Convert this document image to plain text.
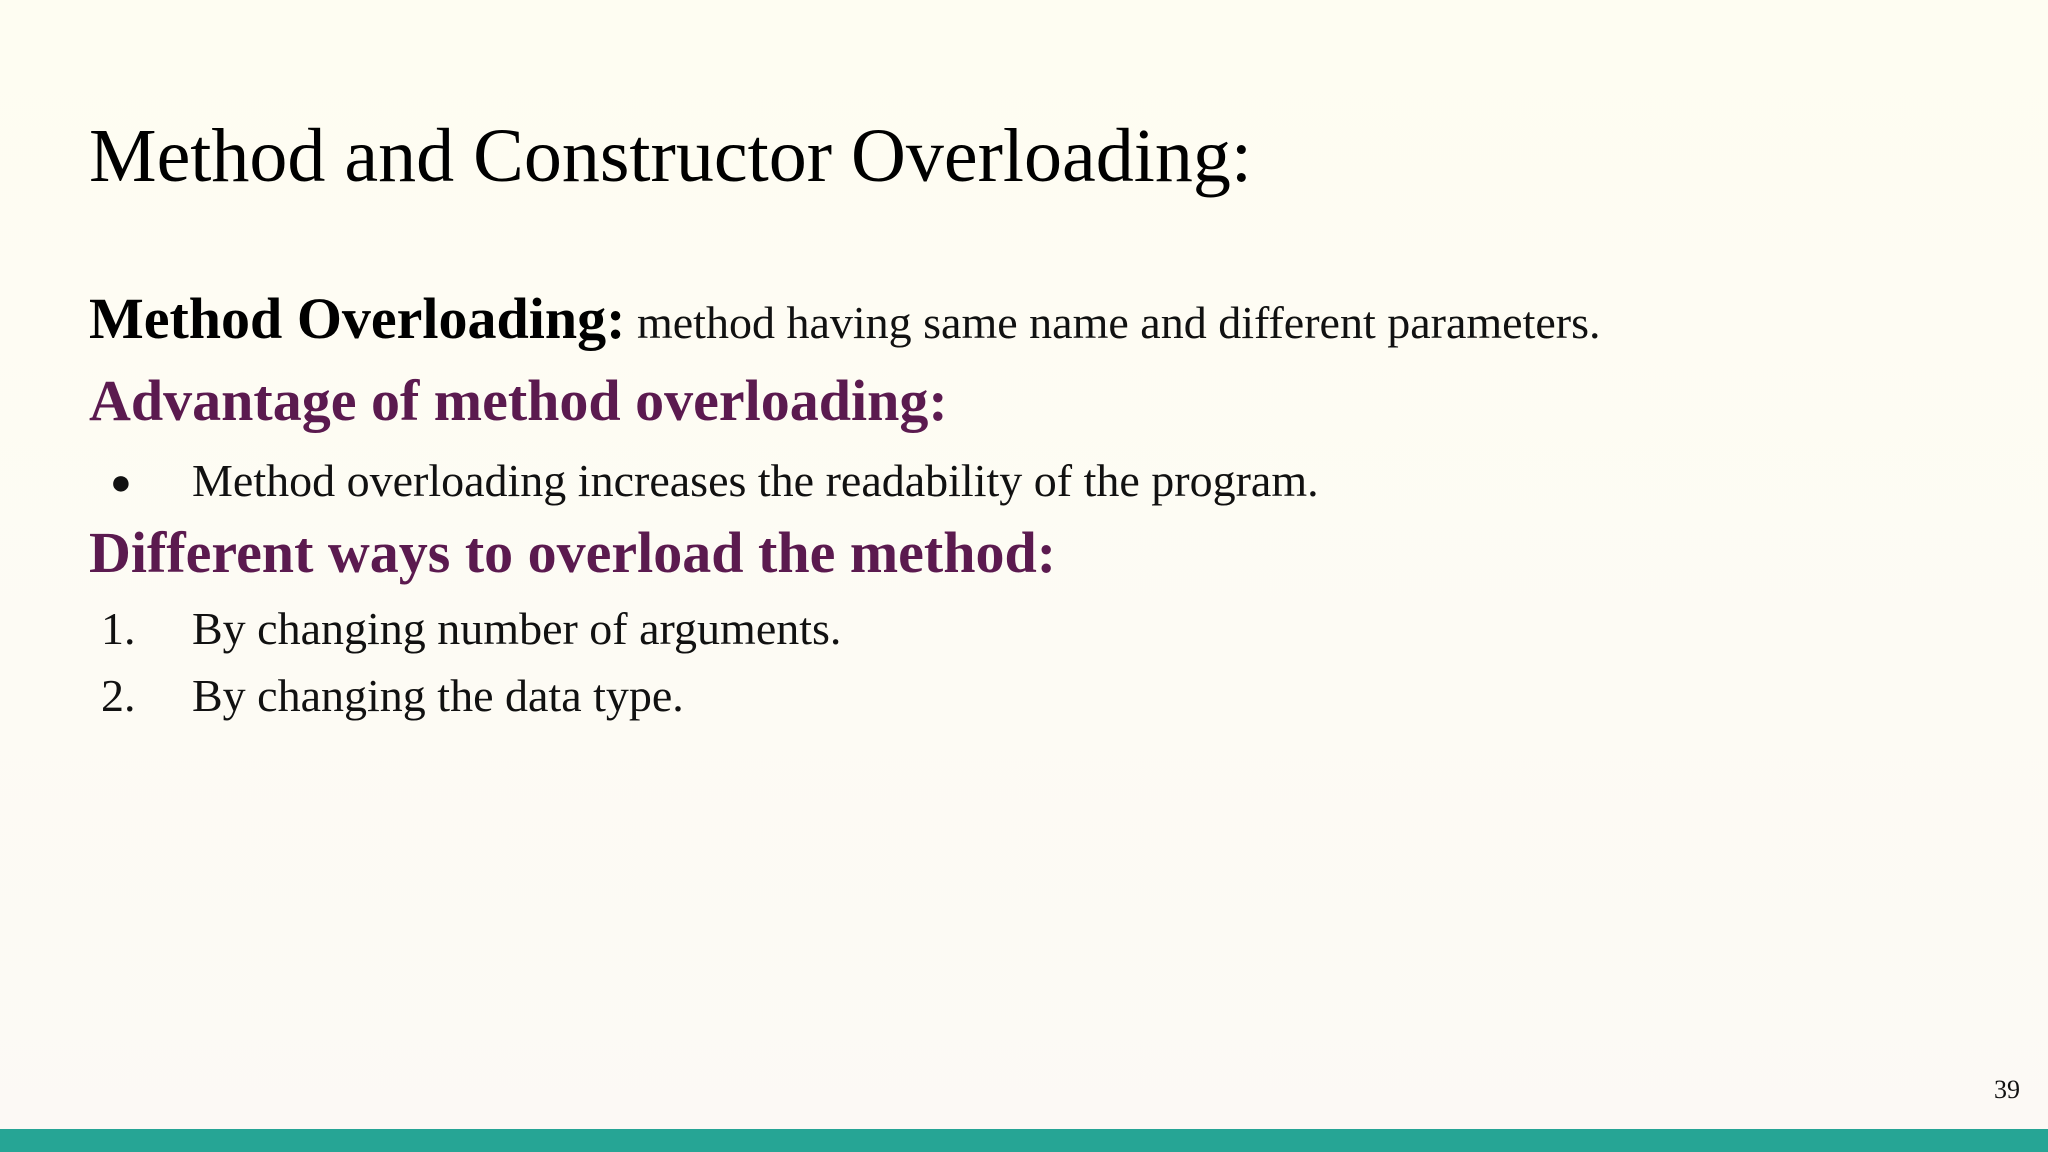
Method and Constructor Overloading:
Method Overloading: method having same name and different parameters.
Advantage of method overloading:
● Method overloading increases the readability of the program.
Different ways to overload the method:
1. By changing number of arguments.
2. By changing the data type.
39
